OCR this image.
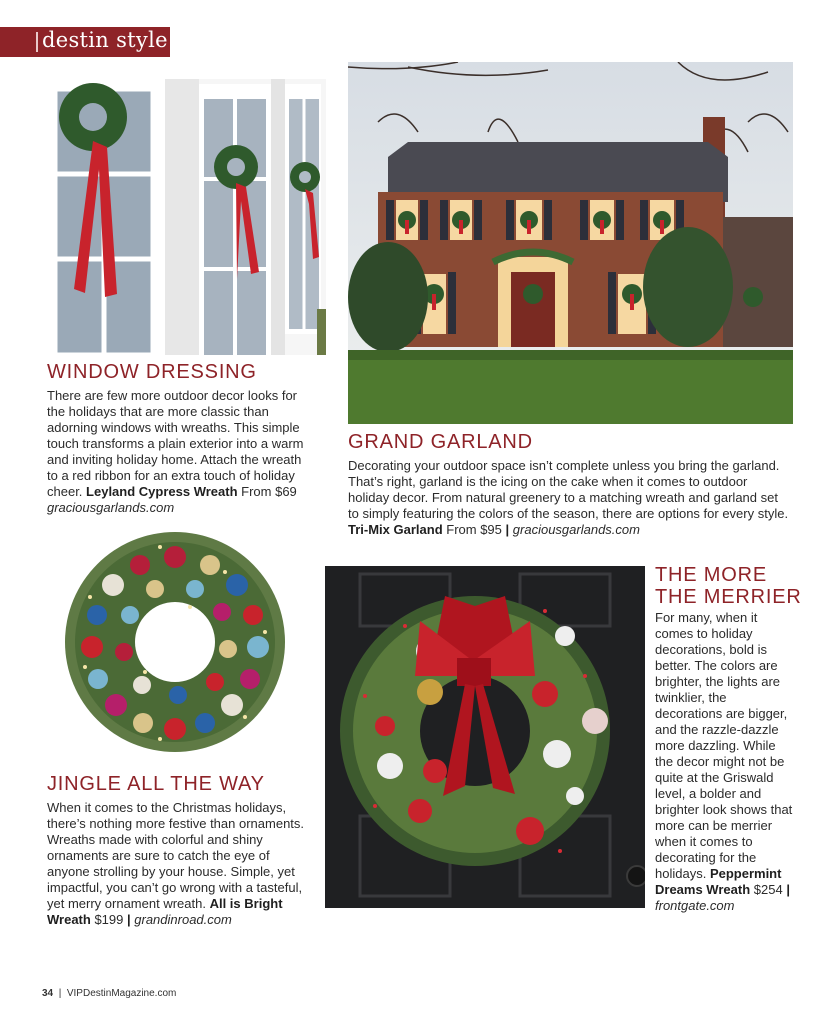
destin style
WINDOW DRESSING

There are few more outdoor decor looks for the holidays that are more classic than adorning windows with wreaths. This simple touch transforms a plain exterior into a warm and inviting holiday home. Attach the wreath to a red ribbon for an extra touch of holiday cheer. Leyland Cypress Wreath From $69 graciousgarlands.com

GRAND GARLAND

Decorating your outdoor space isn’t complete unless you bring the garland. That’s right, garland is the icing on the cake when it comes to outdoor holiday decor. From natural greenery to a matching wreath and garland set to simply featuring the colors of the season, there are options for every style. Tri-Mix Garland From $95 | graciousgarlands.com

JINGLE ALL THE WAY

When it comes to the Christmas holidays, there’s nothing more festive than ornaments. Wreaths made with colorful and shiny ornaments are sure to catch the eye of anyone strolling by your house. Simple, yet impactful, you can’t go wrong with a tasteful, yet merry ornament wreath. All is Bright Wreath $199 | grandinroad.com

THE MORE
THE MERRIER

For many, when it comes to holiday decorations, bold is better. The colors are brighter, the lights are twinklier, the decorations are bigger, and the razzle-dazzle more dazzling. While the decor might not be quite at the Griswald level, a bolder and brighter look shows that more can be merrier when it comes to decorating for the holidays. Peppermint Dreams Wreath $254 | frontgate.com

34 | VIPDestinMagazine.com
